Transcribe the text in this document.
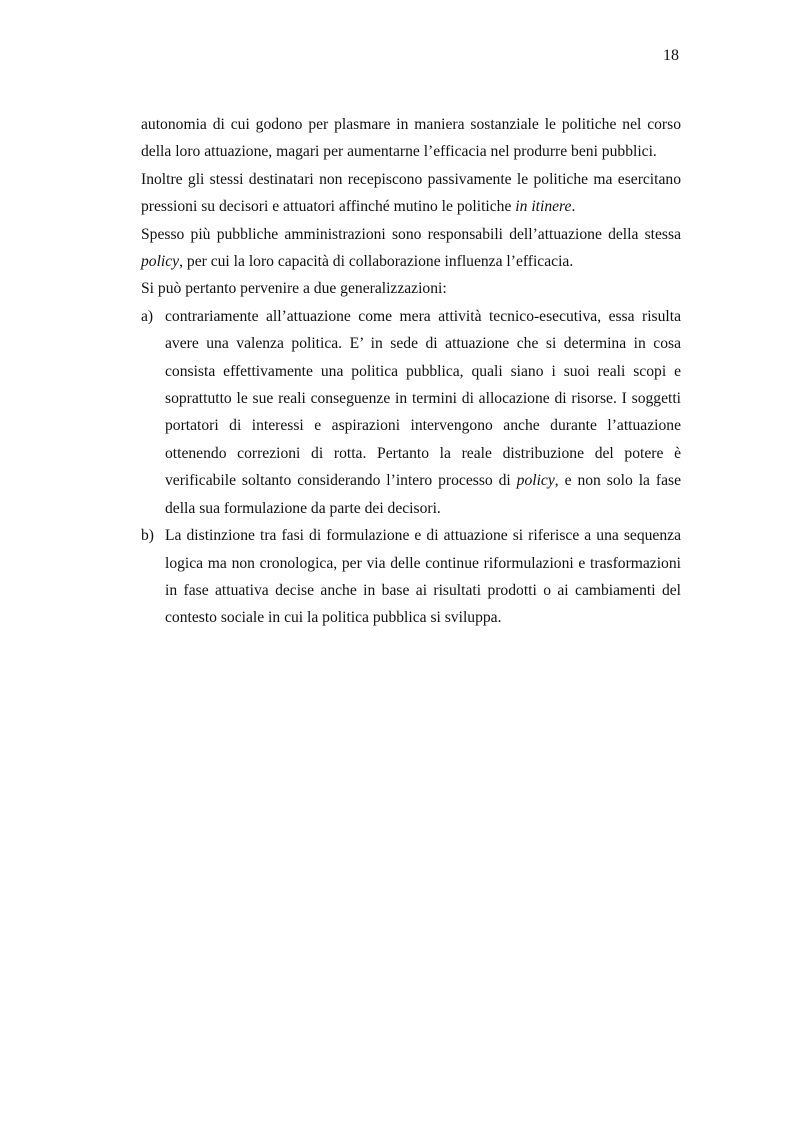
18

autonomia di cui godono per plasmare in maniera sostanziale le politiche nel corso della loro attuazione, magari per aumentarne l’efficacia nel produrre beni pubblici.

Inoltre gli stessi destinatari non recepiscono passivamente le politiche ma esercitano pressioni su decisori e attuatori affinché mutino le politiche in itinere.

Spesso più pubbliche amministrazioni sono responsabili dell’attuazione della stessa policy, per cui la loro capacità di collaborazione influenza l’efficacia.

Si può pertanto pervenire a due generalizzazioni:

a) contrariamente all’attuazione come mera attività tecnico-esecutiva, essa risulta avere una valenza politica. E’ in sede di attuazione che si determina in cosa consista effettivamente una politica pubblica, quali siano i suoi reali scopi e soprattutto le sue reali conseguenze in termini di allocazione di risorse. I soggetti portatori di interessi e aspirazioni intervengono anche durante l’attuazione ottenendo correzioni di rotta. Pertanto la reale distribuzione del potere è verificabile soltanto considerando l’intero processo di policy, e non solo la fase della sua formulazione da parte dei decisori.
b) La distinzione tra fasi di formulazione e di attuazione si riferisce a una sequenza logica ma non cronologica, per via delle continue riformulazioni e trasformazioni in fase attuativa decise anche in base ai risultati prodotti o ai cambiamenti del contesto sociale in cui la politica pubblica si sviluppa.
